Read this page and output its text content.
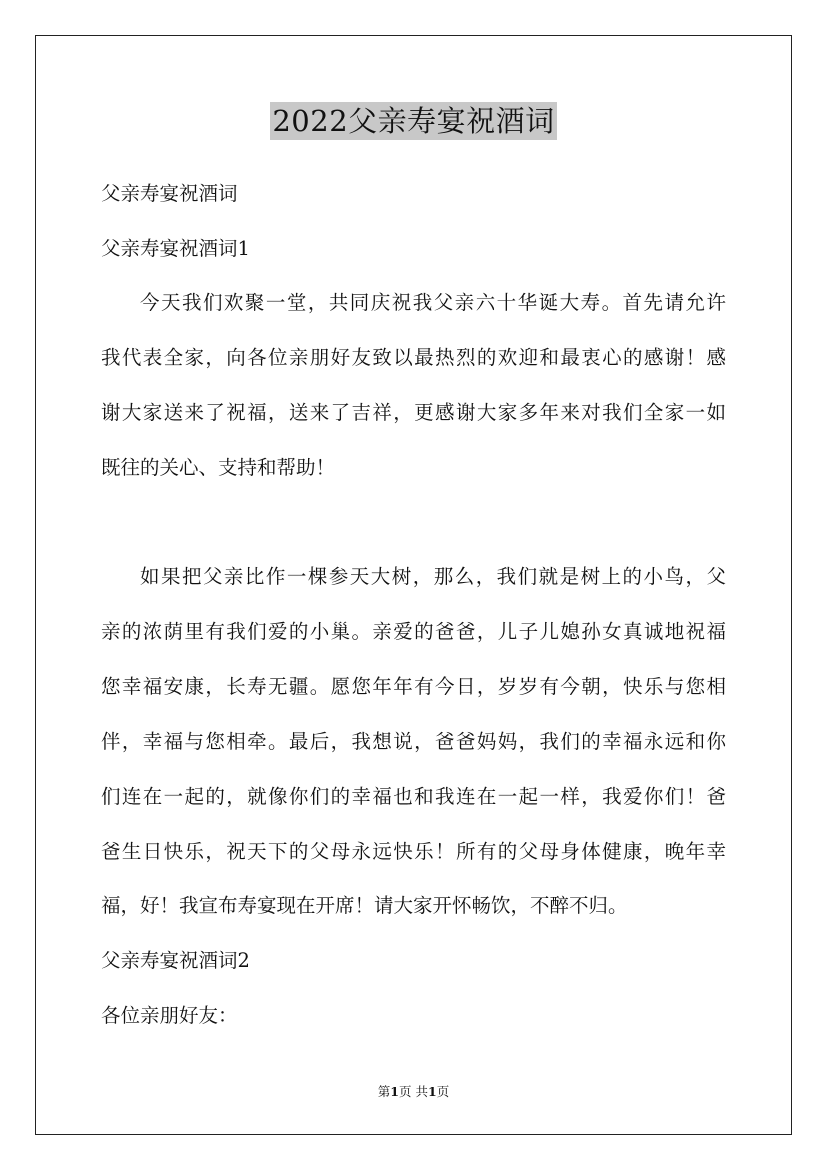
2022父亲寿宴祝酒词
父亲寿宴祝酒词
父亲寿宴祝酒词1
今天我们欢聚一堂，共同庆祝我父亲六十华诞大寿。首先请允许
我代表全家，向各位亲朋好友致以最热烈的欢迎和最衷心的感谢！感
谢大家送来了祝福，送来了吉祥，更感谢大家多年来对我们全家一如
既往的关心、支持和帮助！
如果把父亲比作一棵参天大树，那么，我们就是树上的小鸟，父
亲的浓荫里有我们爱的小巢。亲爱的爸爸，儿子儿媳孙女真诚地祝福
您幸福安康，长寿无疆。愿您年年有今日，岁岁有今朝，快乐与您相
伴，幸福与您相牵。最后，我想说，爸爸妈妈，我们的幸福永远和你
们连在一起的，就像你们的幸福也和我连在一起一样，我爱你们！爸
爸生日快乐，祝天下的父母永远快乐！所有的父母身体健康，晚年幸
福，好！我宣布寿宴现在开席！请大家开怀畅饮，不醉不归。
父亲寿宴祝酒词2
各位亲朋好友：
第1页 共1页
